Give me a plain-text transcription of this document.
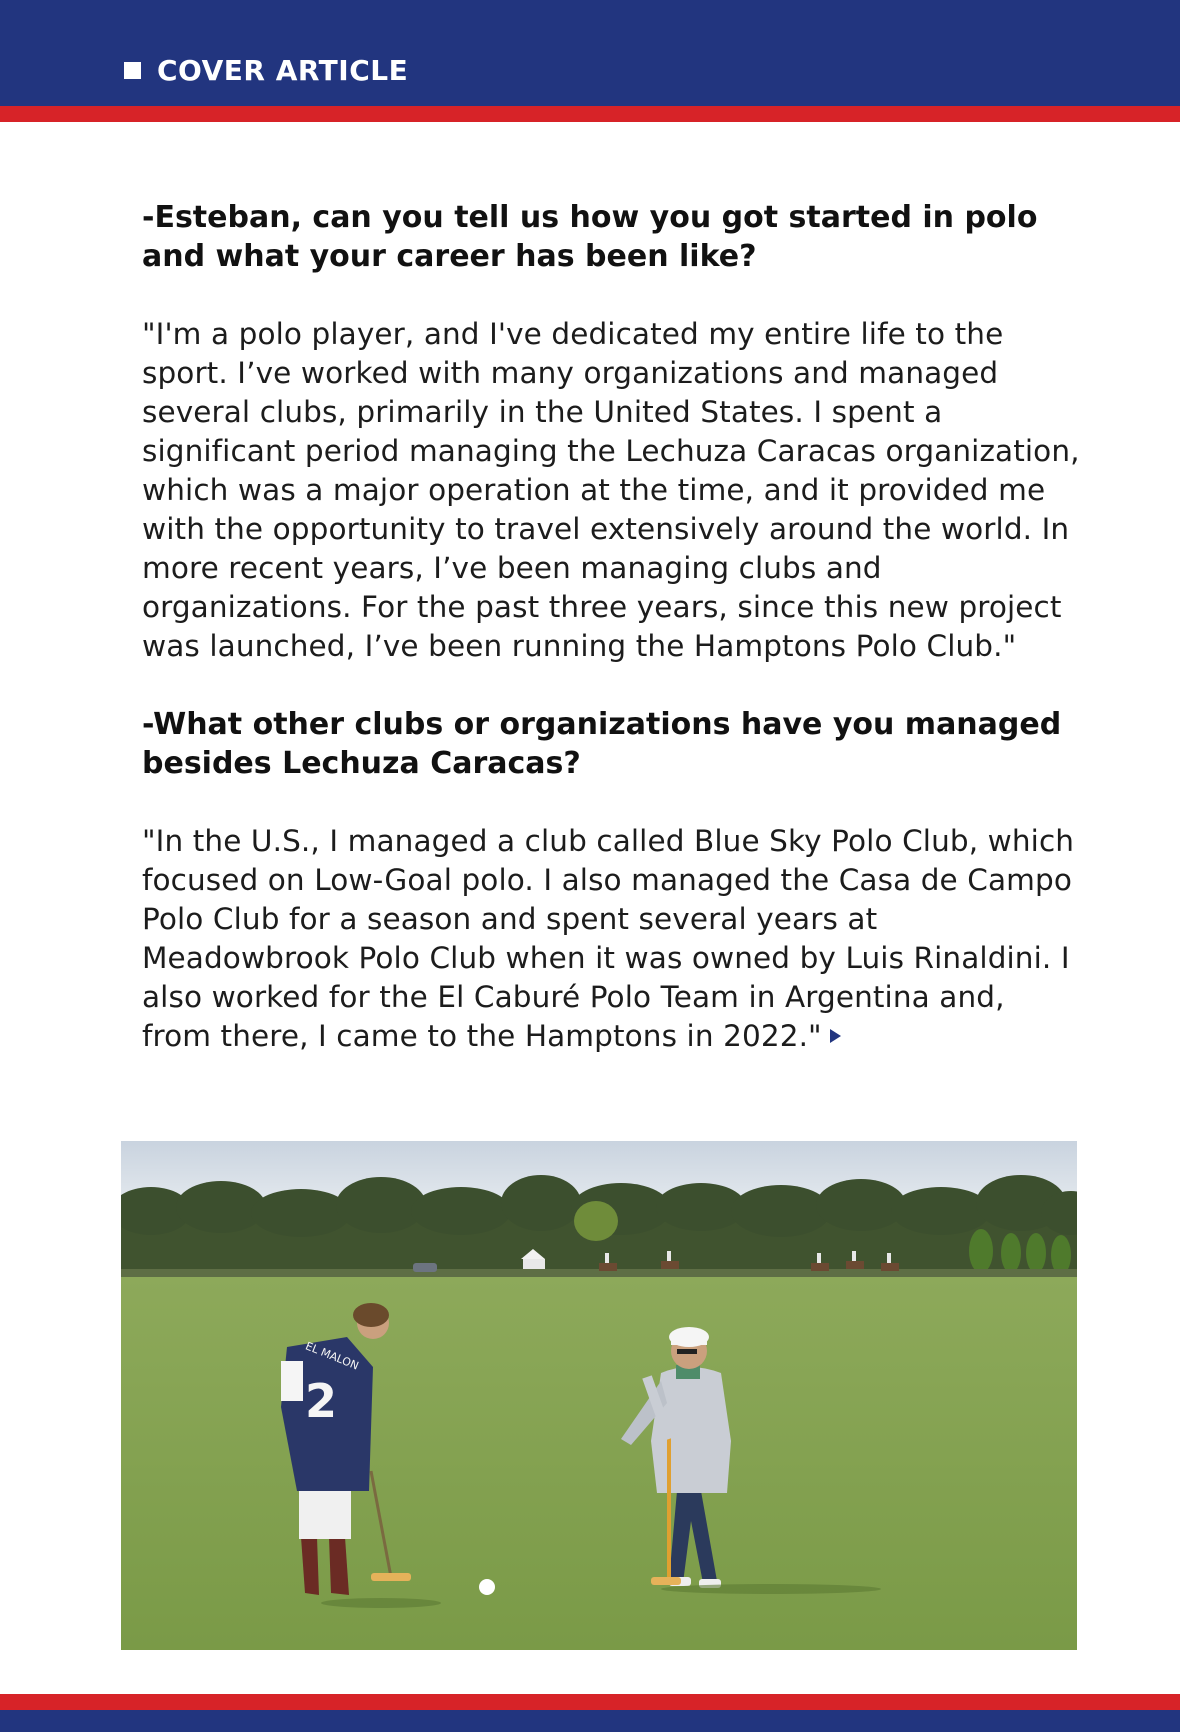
COVER ARTICLE

-Esteban, can you tell us how you got started in polo and what your career has been like?

"I'm a polo player, and I've dedicated my entire life to the sport. I’ve worked with many organizations and managed several clubs, primarily in the United States. I spent a significant period managing the Lechuza Caracas organization, which was a major operation at the time, and it provided me with the opportunity to travel extensively around the world. In more recent years, I’ve been managing clubs and organizations. For the past three years, since this new project was launched, I’ve been running the Hamptons Polo Club."

-What other clubs or organizations have you managed besides Lechuza Caracas?

"In the U.S., I managed a club called Blue Sky Polo Club, which focused on Low-Goal polo. I also managed the Casa de Campo Polo Club for a season and spent several years at Meadowbrook Polo Club when it was owned by Luis Rinaldini. I also worked for the El Caburé Polo Team in Argentina and, from there, I came to the Hamptons in 2022."

2
EL MALON
